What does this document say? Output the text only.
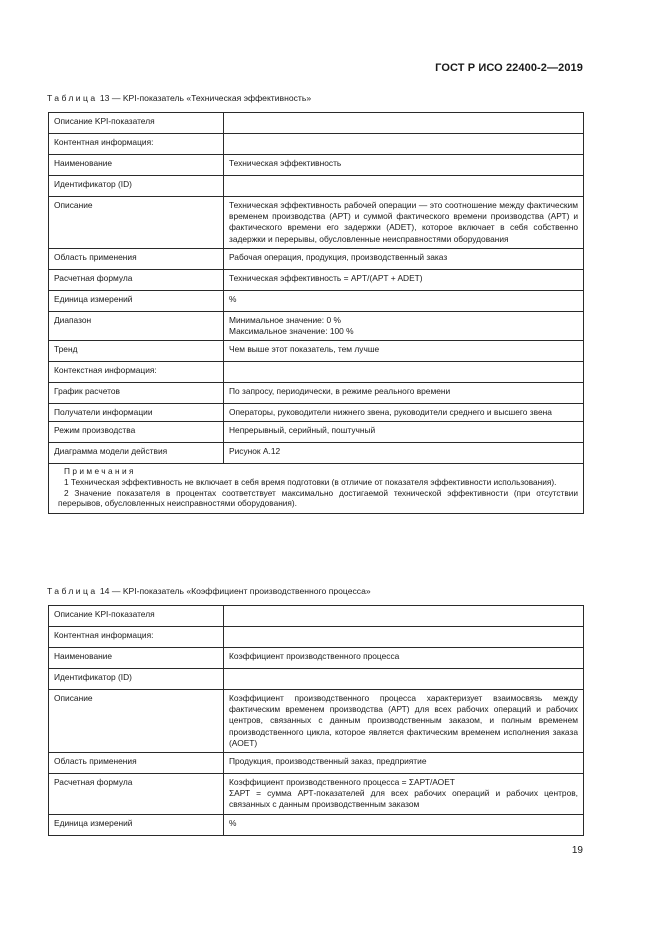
ГОСТ Р ИСО 22400-2—2019
Таблица 13 — KPI-показатель «Техническая эффективность»
Описание KPI-показателя	
Контентная информация:	
Наименование	Техническая эффективность
Идентификатор (ID)	
Описание	Техническая эффективность рабочей операции — это соотношение между фактическим временем производства (АРТ) и суммой фактического времени производства (АРТ) и фактического времени его задержки (ADET), которое включает в себя собственно задержки и перерывы, обусловленные неисправностями оборудования
Область применения	Рабочая операция, продукция, производственный заказ
Расчетная формула	Техническая эффективность = APT/(APT + ADET)
Единица измерений	%
Диапазон	Минимальное значение: 0 %
Максимальное значение: 100 %

Тренд	Чем выше этот показатель, тем лучше
Контекстная информация:	
График расчетов	По запросу, периодически, в режиме реального времени
Получатели информации	Операторы, руководители нижнего звена, руководители среднего и высшего звена
Режим производства	Непрерывный, серийный, поштучный
Диаграмма модели действия	Рисунок А.12

Примечания
1 Техническая эффективность не включает в себя время подготовки (в отличие от показателя эффективности использования).
2 Значение показателя в процентах соответствует максимально достигаемой технической эффективности (при отсутствии перерывов, обусловленных неисправностями оборудования).	
Таблица 14 — KPI-показатель «Коэффициент производственного процесса»
Описание KPI-показателя	
Контентная информация:	
Наименование	Коэффициент производственного процесса
Идентификатор (ID)	
Описание	Коэффициент производственного процесса характеризует взаимосвязь между фактическим временем производства (АРТ) для всех рабочих операций и рабочих центров, связанных с данным производственным заказом, и полным временем производственного цикла, которое является фактическим временем исполнения заказа (АОЕТ)
Область применения	Продукция, производственный заказ, предприятие
Расчетная формула	Коэффициент производственного процесса = ΣАРТ/АОЕТ
ΣАРТ = сумма АРТ-показателей для всех рабочих операций и рабочих центров, связанных с данным производственным заказом

Единица измерений	%
19
